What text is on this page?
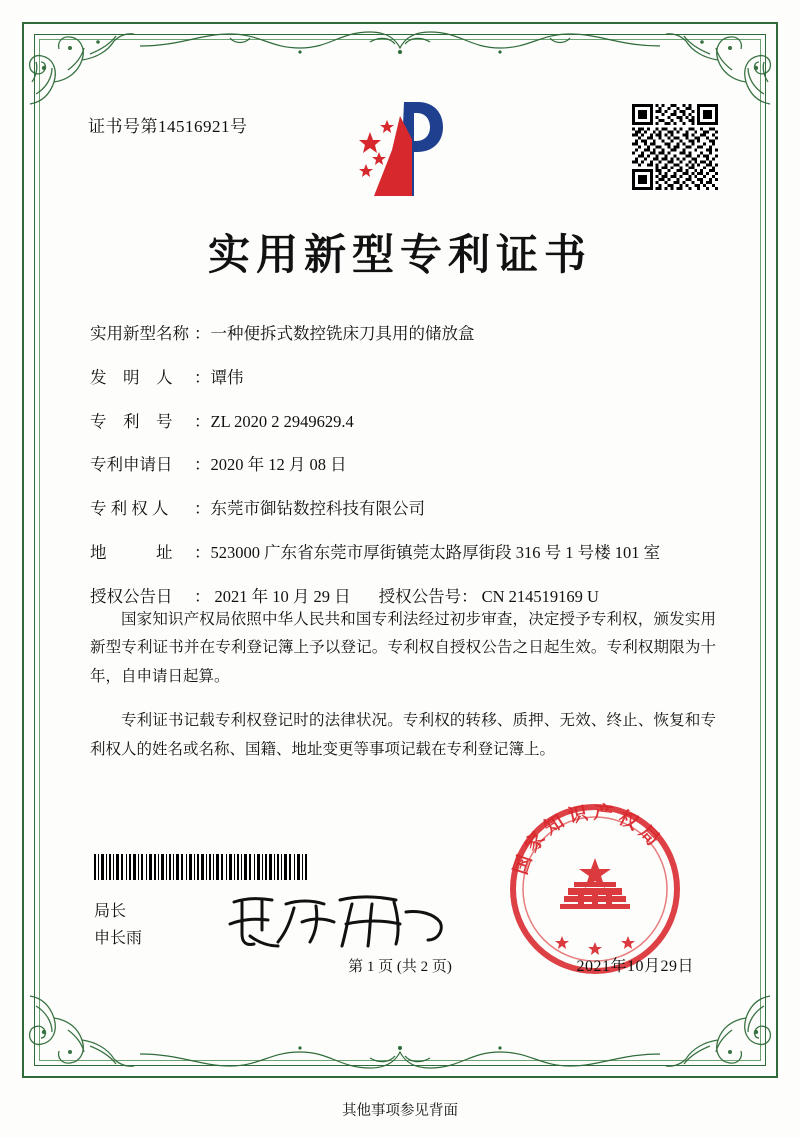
证书号第14516921号
实用新型专利证书
实用新型名称 ： 一种便拆式数控铣床刀具用的储放盒
发　明　人	： 谭伟
专　利　号	： ZL 2020 2 2949629.4
专利申请日	： 2020 年 12 月 08 日
专 利 权 人	： 东莞市御钻数控科技有限公司
地　　　址	： 523000 广东省东莞市厚街镇莞太路厚街段 316 号 1 号楼 101 室
授权公告日	： 2021 年 10 月 29 日	授权公告号： CN 214519169 U

国家知识产权局依照中华人民共和国专利法经过初步审查，决定授予专利权，颁发实用新型专利证书并在专利登记簿上予以登记。专利权自授权公告之日起生效。专利权期限为十年，自申请日起算。

专利证书记载专利权登记时的法律状况。专利权的转移、质押、无效、终止、恢复和专利权人的姓名或名称、国籍、地址变更等事项记载在专利登记簿上。

局长
申长雨
国 家 知 识 产 权 局
2021年10月29日
第 1 页 (共 2 页)
其他事项参见背面
